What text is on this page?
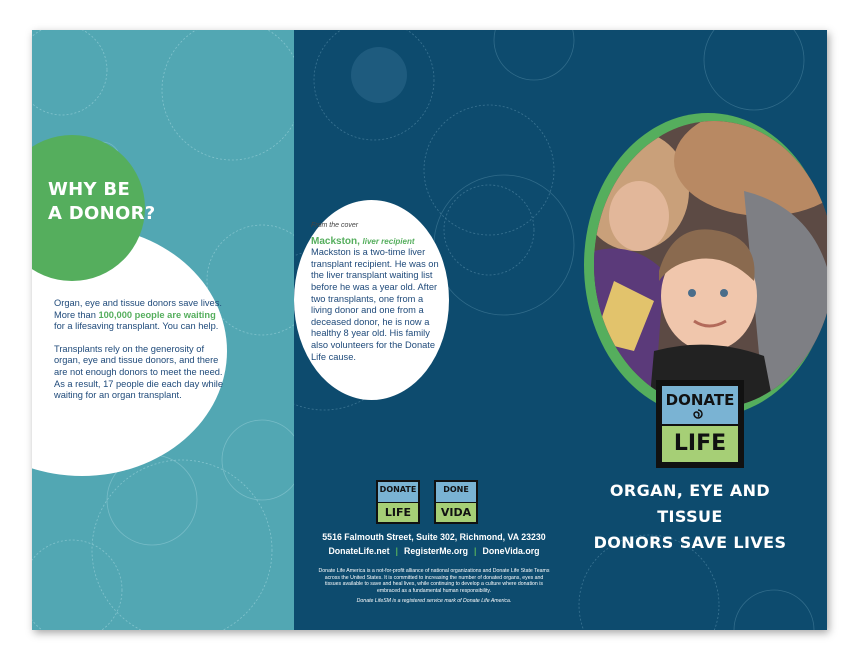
WHY BE
A DONOR?

Organ, eye and tissue donors save lives. More than 100,000 people are waiting for a lifesaving transplant. You can help.

Transplants rely on the generosity of organ, eye and tissue donors, and there are not enough donors to meet the need. As a result, 17 people die each day while waiting for an organ transplant.

From the cover
Mackston, liver recipient
Mackston is a two-time liver transplant recipient. He was on the liver transplant waiting list before he was a year old. After two transplants, one from a living donor and one from a deceased donor, he is now a healthy 8 year old. His family also volunteers for the Donate Life cause.
DONATE
LIFE
ORGAN, EYE AND TISSUE
DONORS SAVE LIVES
DONATE
LIFE
DONE
VIDA
5516 Falmouth Street, Suite 302, Richmond, VA 23230
DonateLife.net | RegisterMe.org | DoneVida.org
Donate Life America is a not-for-profit alliance of national organizations and Donate Life State Teams across the United States. It is committed to increasing the number of donated organs, eyes and tissues available to save and heal lives, while continuing to develop a culture where donation is embraced as a fundamental human responsibility.
Donate LifeSM is a registered service mark of Donate Life America.
